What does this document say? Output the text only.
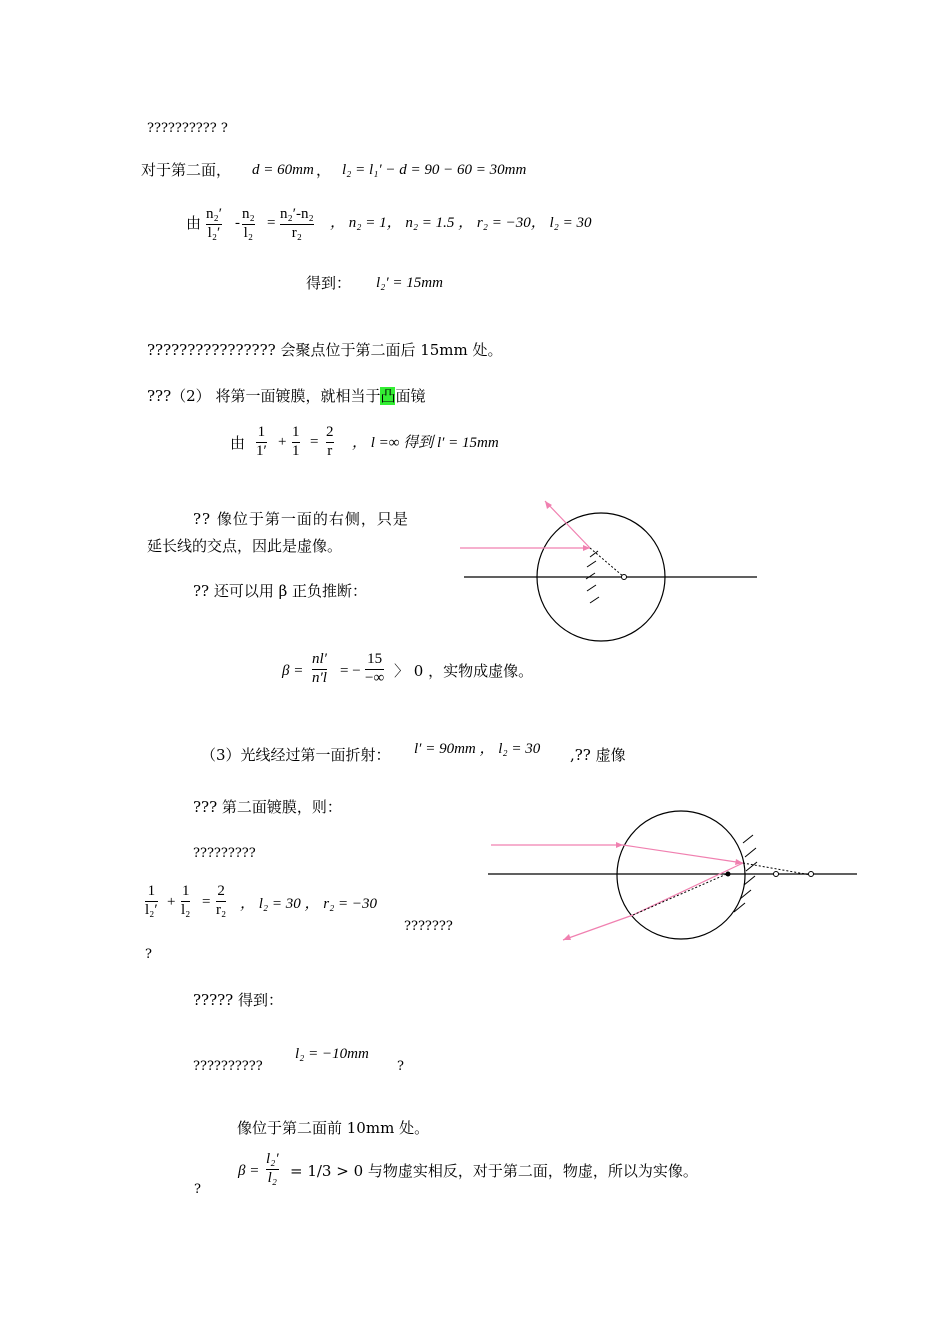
?????????? ?
对于第二面， d = 60mm ， l₂ = l₁′ − d = 90 − 60 = 30mm
由 n₂′
l₂′
-
n₂
l₂
=
n₂′-n₂
r₂
， n₂ = 1， n₂ = 1.5 ， r₂ = −30， l₂ = 30
得到： l₂′ = 15mm
???????????????? 会聚点位于第二面后 15mm 处。
???（2） 将第一面镀膜，就相当于凸面镜
由
1
1′
+
1
1
=
2
r ， l =∞ 得到 l′ = 15mm
?? 像位于第一面的右侧，只是
延长线的交点，因此是虚像。
?? 还可以用 β 正负推断：
β =
nl′
n′l = −
15
−∞ 〉 0 ，实物成虚像。
（3）光线经过第一面折射： l′ = 90mm ， l₂ = 30 ,?? 虚像
??? 第二面镀膜，则：
?????????
1
l₂′ +
1
l₂ =
2
r₂ ， l₂ = 30 ， r₂ = −30
???????
?
????? 得到：
??????????
l₂ = −10mm
?
像位于第二面前 10mm 处。
β =
l₂′
l₂ = 1/3 > 0 与物虚实相反，对于第二面，物虚，所以为实像。
?
